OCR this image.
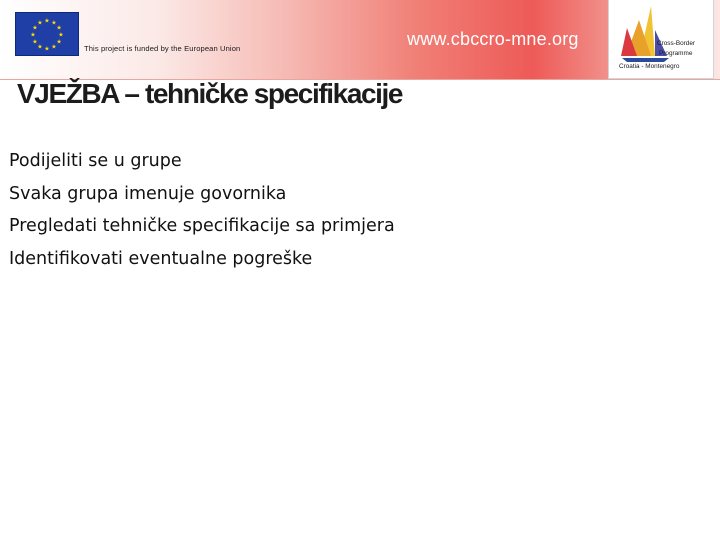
★ ★
★
★
★
★
★
★
★
★
★
★
This project is funded by the European Union	www.cbccro-mne.org	Cross-Border
Programme
Croatia - Montenegro
VJEŽBA – tehničke specifikacije
Podijeliti se u grupe
Svaka grupa imenuje govornika
Pregledati tehničke specifikacije sa primjera
Identifikovati eventualne pogreške
